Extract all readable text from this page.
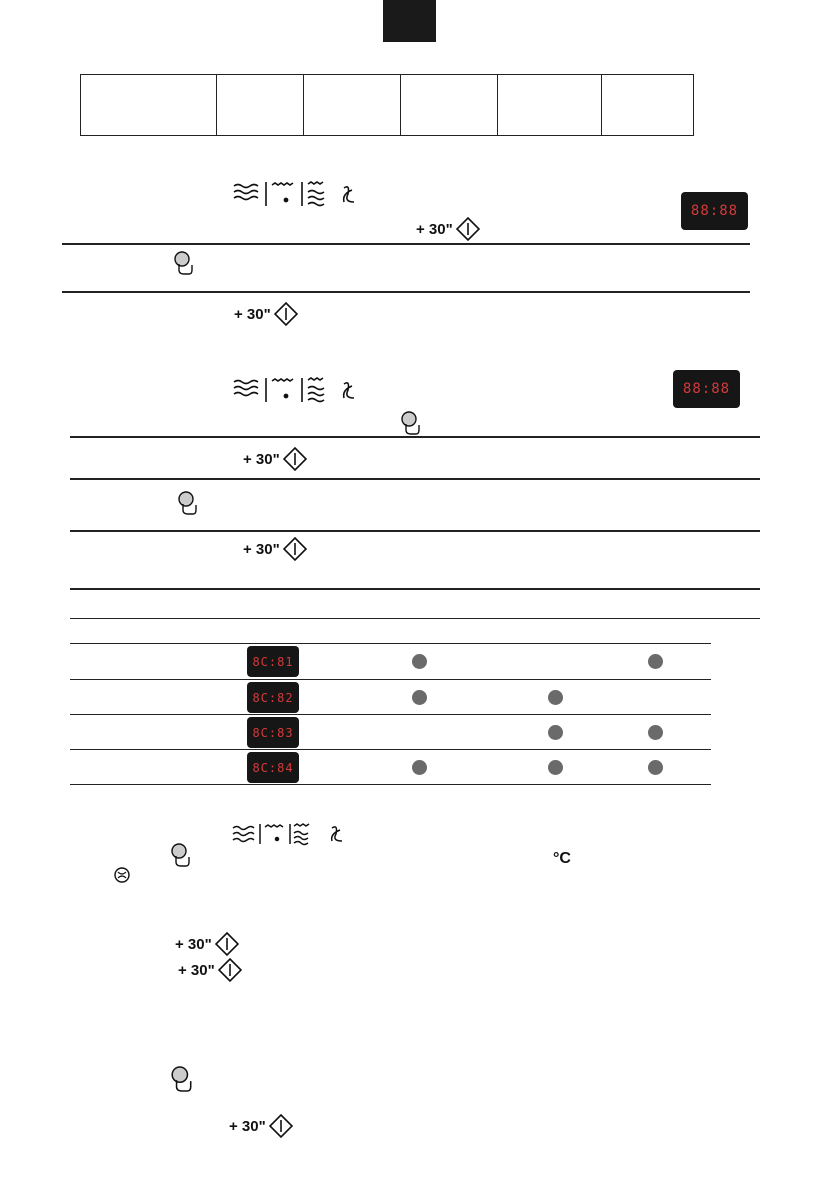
+ 30"
88:88
+ 30"
88:88
+ 30"
+ 30"
8C:81
8C:82
8C:83
8C:84
°C
+ 30"
+ 30"
+ 30"
